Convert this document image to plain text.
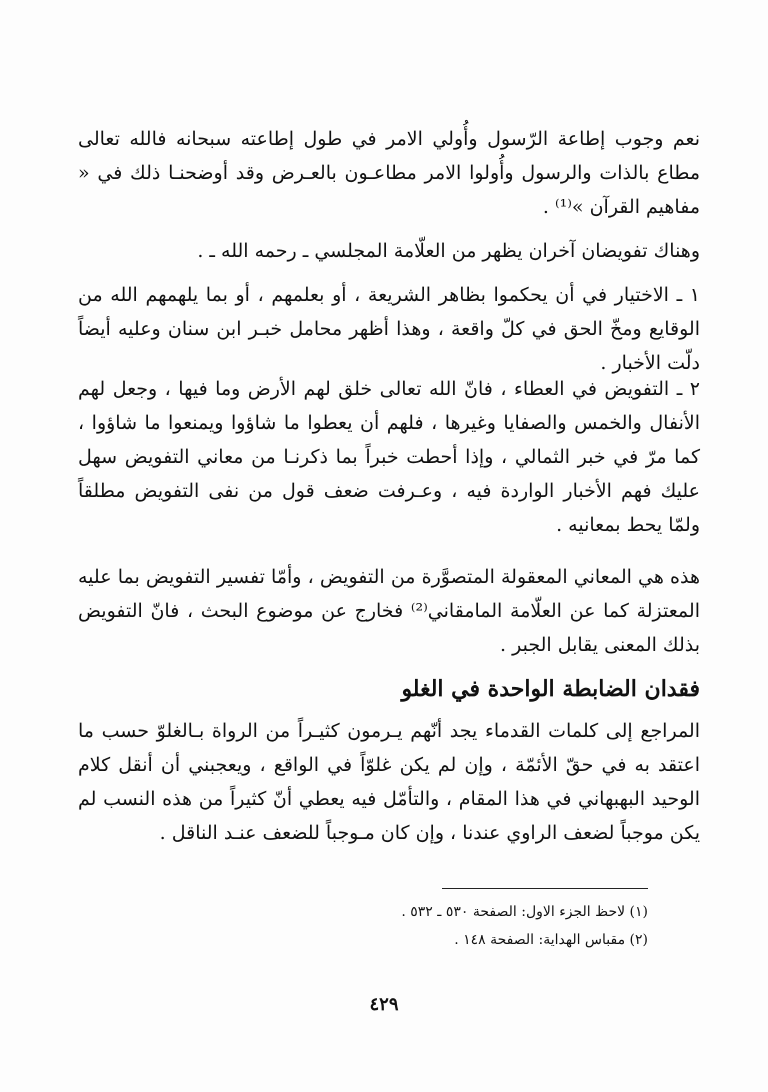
نعم وجوب إطاعة الرّسول وأُولي الامر في طول إطاعته سبحانه فالله تعالى مطاع بالذات والرسول وأُولوا الامر مطاعـون بالعـرض وقد أوضحنـا ذلك في « مفاهيم القرآن »⁽¹⁾ .

وهناك تفويضان آخران يظهر من العلّامة المجلسي ـ رحمه الله ـ .

١ ـ الاختيار في أن يحكموا بظاهر الشريعة ، أو بعلمهم ، أو بما يلهمهم الله من الوقايع ومخّ الحق في كلّ واقعة ، وهذا أظهر محامل خبـر ابن سنان وعليه أيضاً دلّت الأخبار .

٢ ـ التفويض في العطاء ، فانّ الله تعالى خلق لهم الأرض وما فيها ، وجعل لهم الأنفال والخمس والصفايا وغيرها ، فلهم أن يعطوا ما شاؤوا ويمنعوا ما شاؤوا ، كما مرّ في خبر الثمالي ، وإذا أحطت خبراً بما ذكرنـا من معاني التفويض سهل عليك فهم الأخبار الواردة فيه ، وعـرفت ضعف قول من نفى التفويض مطلقاً ولمّا يحط بمعانيه .

هذه هي المعاني المعقولة المتصوَّرة من التفويض ، وأمّا تفسير التفويض بما عليه المعتزلة كما عن العلّامة المامقاني⁽²⁾ فخارج عن موضوع البحث ، فانّ التفويض بذلك المعنى يقابل الجبر .

فقدان الضابطة الواحدة في الغلو

المراجع إلى كلمات القدماء يجد أنّهم يـرمون كثيـراً من الرواة بـالغلوّ حسب ما اعتقد به في حقّ الأئمّة ، وإن لم يكن غلوّاً في الواقع ، ويعجبني أن أنقل كلام الوحيد البهبهاني في هذا المقام ، والتأمّل فيه يعطي أنّ كثيراً من هذه النسب لم يكن موجباً لضعف الراوي عندنا ، وإن كان مـوجباً للضعف عنـد الناقل .

(١) لاحظ الجزء الاول: الصفحة ٥٣٠ ـ ٥٣٢ .
(٢) مقباس الهداية: الصفحة ١٤٨ .
٤٢٩
